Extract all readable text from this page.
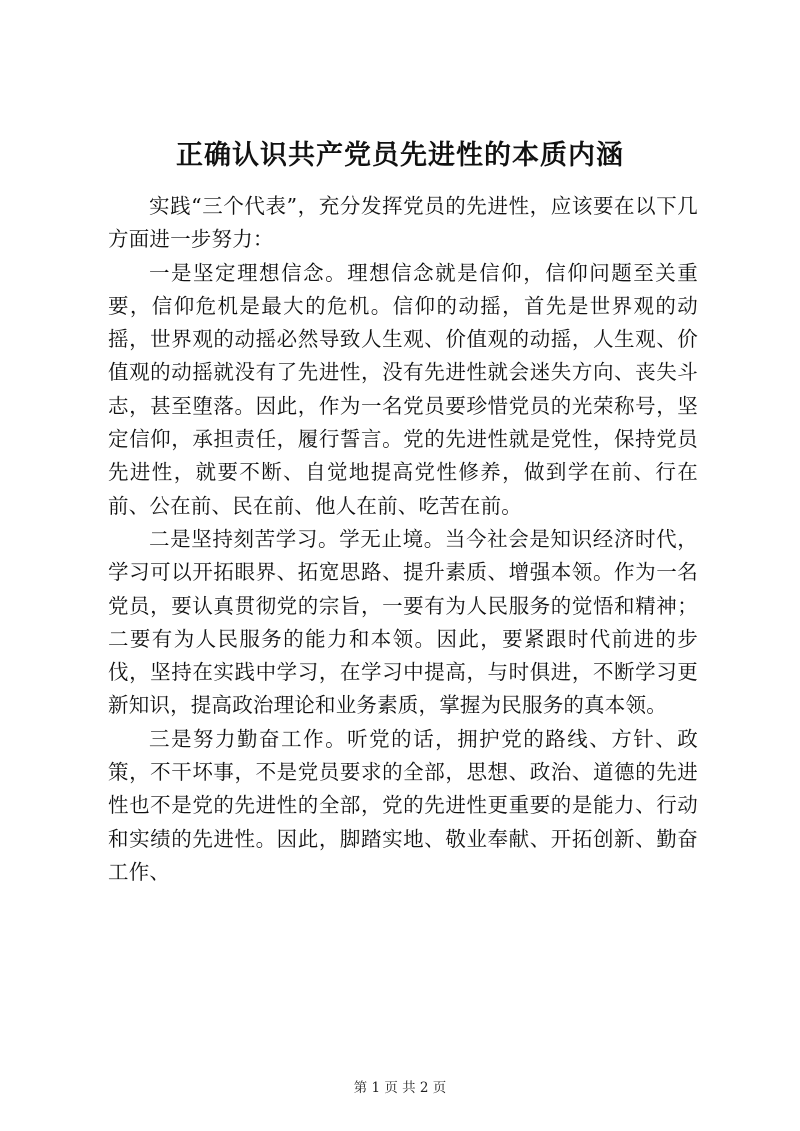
正确认识共产党员先进性的本质内涵

实践“三个代表”，充分发挥党员的先进性，应该要在以下几方面进一步努力：

一是坚定理想信念。理想信念就是信仰，信仰问题至关重要，信仰危机是最大的危机。信仰的动摇，首先是世界观的动摇，世界观的动摇必然导致人生观、价值观的动摇，人生观、价值观的动摇就没有了先进性，没有先进性就会迷失方向、丧失斗志，甚至堕落。因此，作为一名党员要珍惜党员的光荣称号，坚定信仰，承担责任，履行誓言。党的先进性就是党性，保持党员先进性，就要不断、自觉地提高党性修养，做到学在前、行在前、公在前、民在前、他人在前、吃苦在前。

二是坚持刻苦学习。学无止境。当今社会是知识经济时代，学习可以开拓眼界、拓宽思路、提升素质、增强本领。作为一名党员，要认真贯彻党的宗旨，一要有为人民服务的觉悟和精神；二要有为人民服务的能力和本领。因此，要紧跟时代前进的步伐，坚持在实践中学习，在学习中提高，与时俱进，不断学习更新知识，提高政治理论和业务素质，掌握为民服务的真本领。

三是努力勤奋工作。听党的话，拥护党的路线、方针、政策，不干坏事，不是党员要求的全部，思想、政治、道德的先进性也不是党的先进性的全部，党的先进性更重要的是能力、行动和实绩的先进性。因此，脚踏实地、敬业奉献、开拓创新、勤奋工作、

第 1 页 共 2 页
